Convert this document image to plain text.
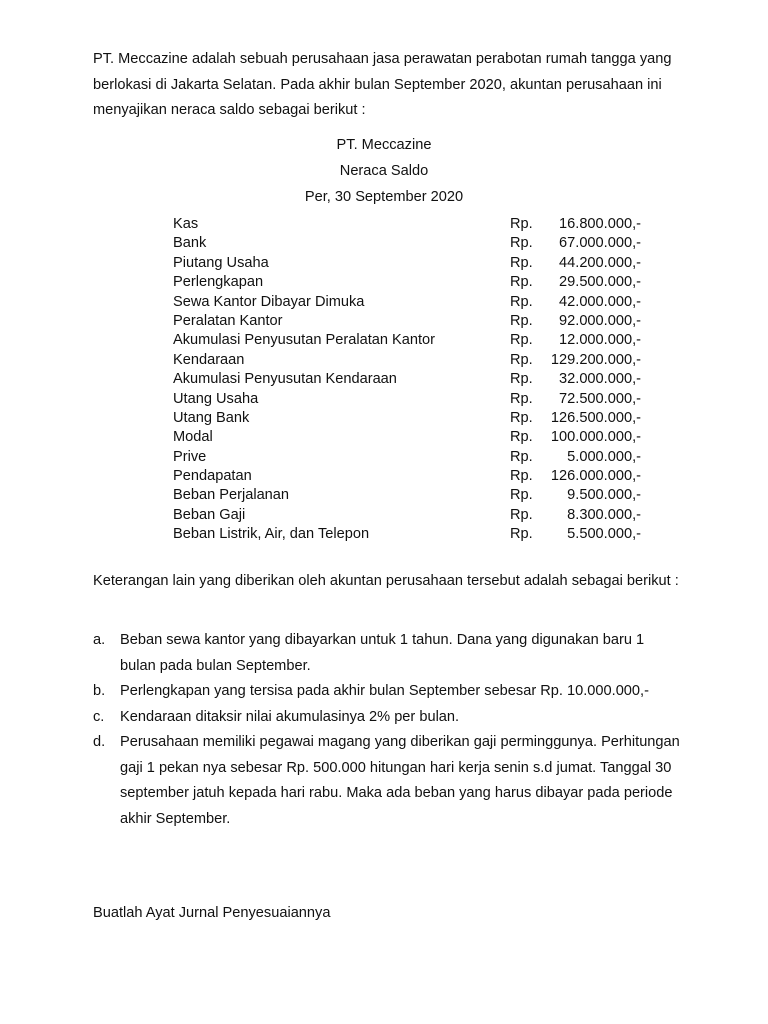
PT. Meccazine adalah sebuah perusahaan jasa perawatan perabotan rumah tangga yang berlokasi di Jakarta Selatan. Pada akhir bulan September 2020, akuntan perusahaan ini menyajikan neraca saldo sebagai berikut :

PT. Meccazine

Neraca Saldo

Per, 30 September 2020

Kas	Rp. 16.800.000,-
Bank	Rp. 67.000.000,-
Piutang Usaha	Rp. 44.200.000,-
Perlengkapan	Rp. 29.500.000,-
Sewa Kantor Dibayar Dimuka	Rp. 42.000.000,-
Peralatan Kantor	Rp. 92.000.000,-
Akumulasi Penyusutan Peralatan Kantor	Rp. 12.000.000,-
Kendaraan	Rp. 129.200.000,-
Akumulasi Penyusutan Kendaraan	Rp. 32.000.000,-
Utang Usaha	Rp. 72.500.000,-
Utang Bank	Rp. 126.500.000,-
Modal	Rp. 100.000.000,-
Prive	Rp. 5.000.000,-
Pendapatan	Rp. 126.000.000,-
Beban Perjalanan	Rp. 9.500.000,-
Beban Gaji	Rp. 8.300.000,-
Beban Listrik, Air, dan Telepon	Rp. 5.500.000,-

Keterangan lain yang diberikan oleh akuntan perusahaan tersebut adalah sebagai berikut :

a. Beban sewa kantor yang dibayarkan untuk 1 tahun. Dana yang digunakan baru 1 bulan pada bulan September.
b. Perlengkapan yang tersisa pada akhir bulan September sebesar Rp. 10.000.000,-
c. Kendaraan ditaksir nilai akumulasinya 2% per bulan.
d. Perusahaan memiliki pegawai magang yang diberikan gaji perminggunya. Perhitungan gaji 1 pekan nya sebesar Rp. 500.000 hitungan hari kerja senin s.d jumat. Tanggal 30 september jatuh kepada hari rabu. Maka ada beban yang harus dibayar pada periode akhir September.

Buatlah Ayat Jurnal Penyesuaiannya
